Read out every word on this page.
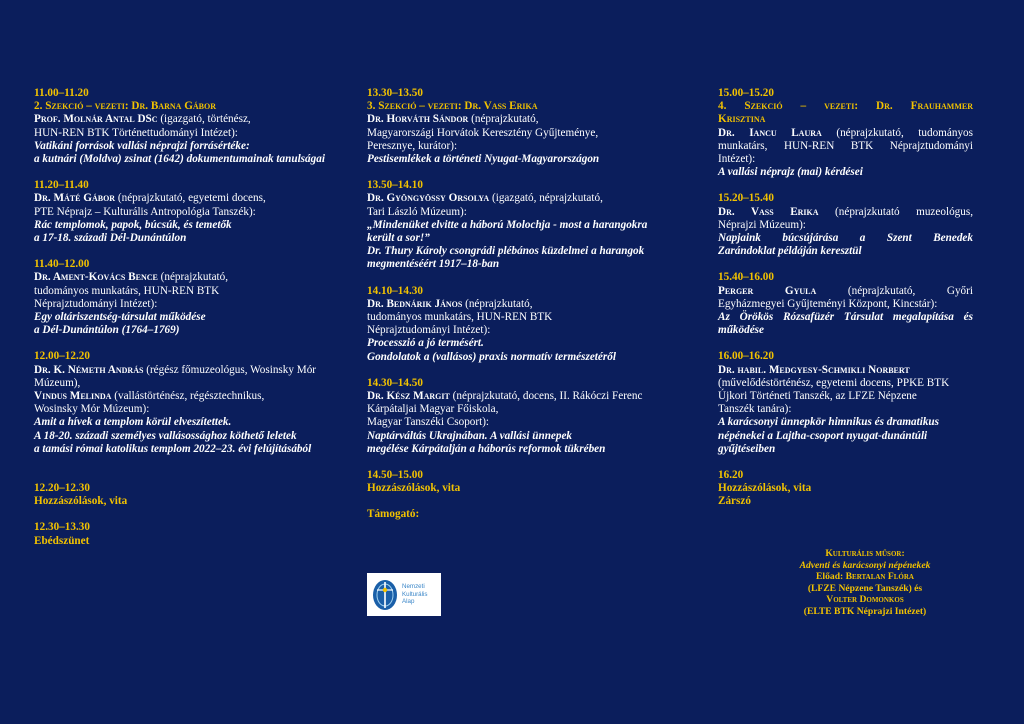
11.00–11.20
2. Szekció – vezeti: Dr. Barna Gábor
Prof. Molnár Antal DSc (igazgató, történész,
HUN-REN BTK Történettudományi Intézet):
Vatikáni források vallási néprajzi forrásértéke:
a kutnári (Moldva) zsinat (1642) dokumentumainak tanulságai
11.20–11.40
Dr. Máté Gábor (néprajzkutató, egyetemi docens,
PTE Néprajz – Kulturális Antropológia Tanszék):
Rác templomok, papok, búcsúk, és temetők
a 17-18. századi Dél-Dunántúlon
11.40–12.00
Dr. Ament-Kovács Bence (néprajzkutató,
tudományos munkatárs, HUN-REN BTK
Néprajztudományi Intézet):
Egy oltáriszentség-társulat működése
a Dél-Dunántúlon (1764–1769)
12.00–12.20
Dr. K. Németh András (régész főmuzeológus, Wosinsky Mór
Múzeum),
Vindus Melinda (vallástörténész, régésztechnikus,
Wosinsky Mór Múzeum):
Amit a hívek a templom körül elveszítettek.
A 18-20. századi személyes vallásossághoz köthető leletek
a tamási római katolikus templom 2022–23. évi felújításából
12.20–12.30
Hozzászólások, vita
12.30–13.30
Ebédszünet
13.30–13.50
3. Szekció – vezeti: Dr. Vass Erika
Dr. Horváth Sándor (néprajzkutató,
Magyarországi Horvátok Keresztény Gyűjteménye,
Peresznye, kurátor):
Pestisemlékek a történeti Nyugat-Magyarországon
13.50–14.10
Dr. Gyöngyössy Orsolya (igazgató, néprajzkutató,
Tari László Múzeum):
„Mindenüket elvitte a háború Molochja - most a harangokra
került a sor!”
Dr. Thury Károly csongrádi plébános küzdelmei a harangok
megmentéséért 1917–18-ban
14.10–14.30
Dr. Bednárik János (néprajzkutató,
tudományos munkatárs, HUN-REN BTK
Néprajztudományi Intézet):
Processzió a jó termésért.
Gondolatok a (vallásos) praxis normatív természetéről
14.30–14.50
Dr. Kész Margit (néprajzkutató, docens, II. Rákóczi Ferenc
Kárpátaljai Magyar Főiskola,
Magyar Tanszéki Csoport):
Naptárváltás Ukrajnában. A vallási ünnepek
megélése Kárpátalján a háborús reformok tükrében
14.50–15.00
Hozzászólások, vita
Támogató:
Nemzeti
Kulturális
Alap
15.00–15.20
4. Szekció – vezeti: Dr. Frauhammer
Krisztina
Dr. Iancu Laura (néprajzkutató, tudományos
munkatárs, HUN-REN BTK Néprajztudományi
Intézet):
A vallási néprajz (mai) kérdései
15.20–15.40
Dr. Vass Erika (néprajzkutató muzeológus,
Néprajzi Múzeum):
Napjaink búcsújárása a Szent Benedek
Zarándoklat példáján keresztül
15.40–16.00
Perger Gyula (néprajzkutató, Győri
Egyházmegyei Gyűjteményi Központ, Kincstár):
Az Örökös Rózsafüzér Társulat megalapítása és
működése
16.00–16.20
Dr. habil. Medgyesy-Schmikli Norbert
(művelődéstörténész, egyetemi docens, PPKE BTK
Újkori Történeti Tanszék, az LFZE Népzene
Tanszék tanára):
A karácsonyi ünnepkör himnikus és dramatikus
népénekei a Lajtha-csoport nyugat-dunántúli
gyűjtéseiben
16.20
Hozzászólások, vita
Zárszó
Kulturális műsor:
Adventi és karácsonyi népénekek
Előad: Bertalan Flóra
(LFZE Népzene Tanszék) és
Volter Domonkos
(ELTE BTK Néprajzi Intézet)
